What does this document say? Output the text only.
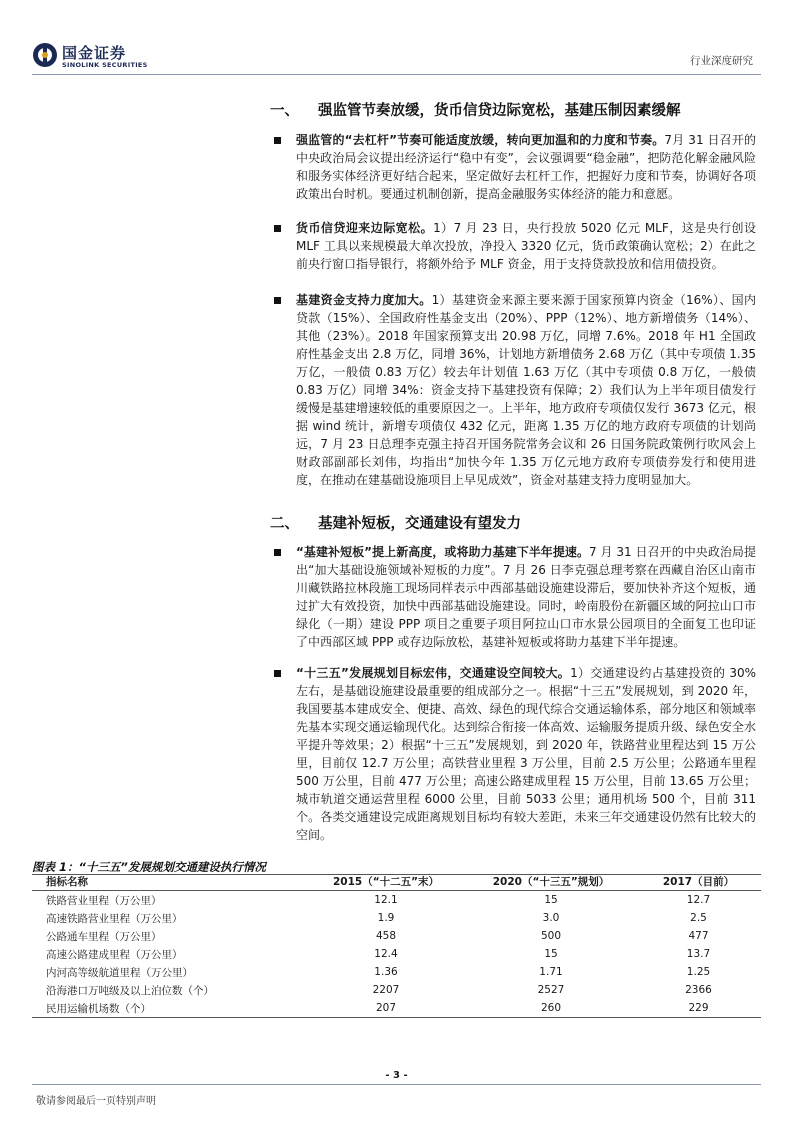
国金证券
SINOLINK SECURITIES	行业深度研究
一、 强监管节奏放缓，货币信贷边际宽松，基建压制因素缓解
强监管的“去杠杆”节奏可能适度放缓，转向更加温和的力度和节奏。7月 31 日召开的中央政治局会议提出经济运行“稳中有变”，会议强调要“稳金融”，把防范化解金融风险和服务实体经济更好结合起来，坚定做好去杠杆工作，把握好力度和节奏，协调好各项政策出台时机。要通过机制创新，提高金融服务实体经济的能力和意愿。
货币信贷迎来边际宽松。1）7 月 23 日，央行投放 5020 亿元 MLF，这是央行创设 MLF 工具以来规模最大单次投放，净投入 3320 亿元，货币政策确认宽松；2）在此之前央行窗口指导银行，将额外给予 MLF 资金，用于支持贷款投放和信用债投资。
基建资金支持力度加大。1）基建资金来源主要来源于国家预算内资金（16%）、国内贷款（15%）、全国政府性基金支出（20%）、PPP（12%）、地方新增债务（14%）、其他（23%）。2018 年国家预算支出 20.98 万亿，同增 7.6%。2018 年 H1 全国政府性基金支出 2.8 万亿，同增 36%，计划地方新增债务 2.68 万亿（其中专项债 1.35 万亿，一般债 0.83 万亿）较去年计划值 1.63 万亿（其中专项债 0.8 万亿，一般债 0.83 万亿）同增 34%：资金支持下基建投资有保障；2）我们认为上半年项目债发行缓慢是基建增速较低的重要原因之一。上半年，地方政府专项债仅发行 3673 亿元，根据 wind 统计，新增专项债仅 432 亿元，距离 1.35 万亿的地方政府专项债的计划尚远，7 月 23 日总理李克强主持召开国务院常务会议和 26 日国务院政策例行吹风会上财政部副部长刘伟，均指出“加快今年 1.35 万亿元地方政府专项债券发行和使用进度，在推动在建基础设施项目上早见成效”，资金对基建支持力度明显加大。
二、 基建补短板，交通建设有望发力
“基建补短板”提上新高度，或将助力基建下半年提速。7 月 31 日召开的中央政治局提出“加大基础设施领域补短板的力度”。7 月 26 日李克强总理考察在西藏自治区山南市川藏铁路拉林段施工现场同样表示中西部基础设施建设滞后，要加快补齐这个短板，通过扩大有效投资，加快中西部基础设施建设。同时，岭南股份在新疆区域的阿拉山口市绿化（一期）建设 PPP 项目之重要子项目阿拉山口市水景公园项目的全面复工也印证了中西部区域 PPP 或存边际放松，基建补短板或将助力基建下半年提速。
“十三五”发展规划目标宏伟，交通建设空间较大。1）交通建设约占基建投资的 30%左右，是基础设施建设最重要的组成部分之一。根据“十三五”发展规划，到 2020 年，我国要基本建成安全、便捷、高效、绿色的现代综合交通运输体系，部分地区和领域率先基本实现交通运输现代化。达到综合衔接一体高效、运输服务提质升级、绿色安全水平提升等效果；2）根据“十三五”发展规划，到 2020 年，铁路营业里程达到 15 万公里，目前仅 12.7 万公里；高铁营业里程 3 万公里，目前 2.5 万公里；公路通车里程 500 万公里，目前 477 万公里；高速公路建成里程 15 万公里，目前 13.65 万公里；城市轨道交通运营里程 6000 公里，目前 5033 公里；通用机场 500 个，目前 311 个。各类交通建设完成距离规划目标均有较大差距，未来三年交通建设仍然有比较大的空间。
图表 1：“十三五”发展规划交通建设执行情况
指标名称	2015（“十二五”末）	2020（“十三五”规划）	2017（目前）
铁路营业里程（万公里）	12.1	15	12.7
高速铁路营业里程（万公里）	1.9	3.0	2.5
公路通车里程（万公里）	458	500	477
高速公路建成里程（万公里）	12.4	15	13.7
内河高等级航道里程（万公里）	1.36	1.71	1.25
沿海港口万吨级及以上泊位数（个）	2207	2527	2366
民用运输机场数（个）	207	260	229
- 3 -
敬请参阅最后一页特别声明
